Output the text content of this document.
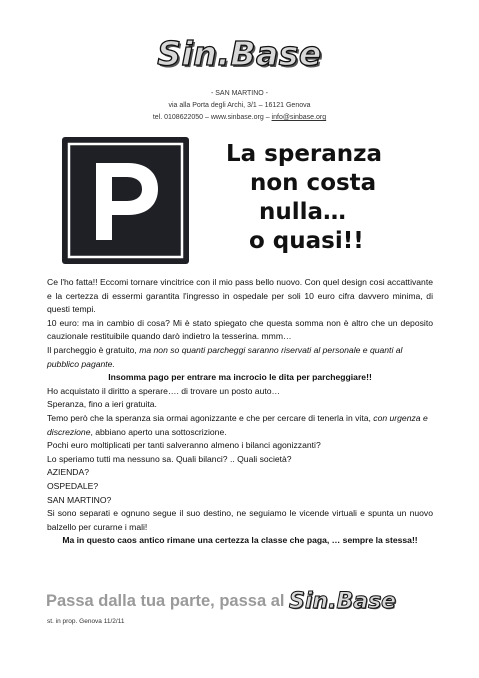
Sin.Base
- SAN MARTINO -
via alla Porta degli Archi, 3/1 – 16121 Genova
tel. 0108622050 – www.sinbase.org – info@sinbase.org
La speranza
non costa
nulla…
o quasi!!

Ce l'ho fatta!! Eccomi tornare vincitrice con il mio pass bello nuovo. Con quel design cosi accattivante e la certezza di essermi garantita l'ingresso in ospedale per soli 10 euro cifra davvero minima, di questi tempi.

10 euro: ma in cambio di cosa? Mi è stato spiegato che questa somma non è altro che un deposito cauzionale restituibile quando darò indietro la tesserina. mmm…

Il parcheggio è gratuito, ma non so quanti parcheggi saranno riservati al personale e quanti al pubblico pagante.

Insomma pago per entrare ma incrocio le dita per parcheggiare!!

Ho acquistato il diritto a sperare…. di trovare un posto auto…

Speranza, fino a ieri gratuita.

Temo però che la speranza sia ormai agonizzante e che per cercare di tenerla in vita, con urgenza e discrezione, abbiano aperto una sottoscrizione.

Pochi euro moltiplicati per tanti salveranno almeno i bilanci agonizzanti?

Lo speriamo tutti ma nessuno sa. Quali bilanci? .. Quali società?

AZIENDA?

OSPEDALE?

SAN MARTINO?

Si sono separati e ognuno segue il suo destino, ne seguiamo le vicende virtuali e spunta un nuovo balzello per curarne i mali!

Ma in questo caos antico rimane una certezza la classe che paga, … sempre la stessa!!

Passa dalla tua parte, passa al Sin.Base
st. in prop. Genova 11/2/11
